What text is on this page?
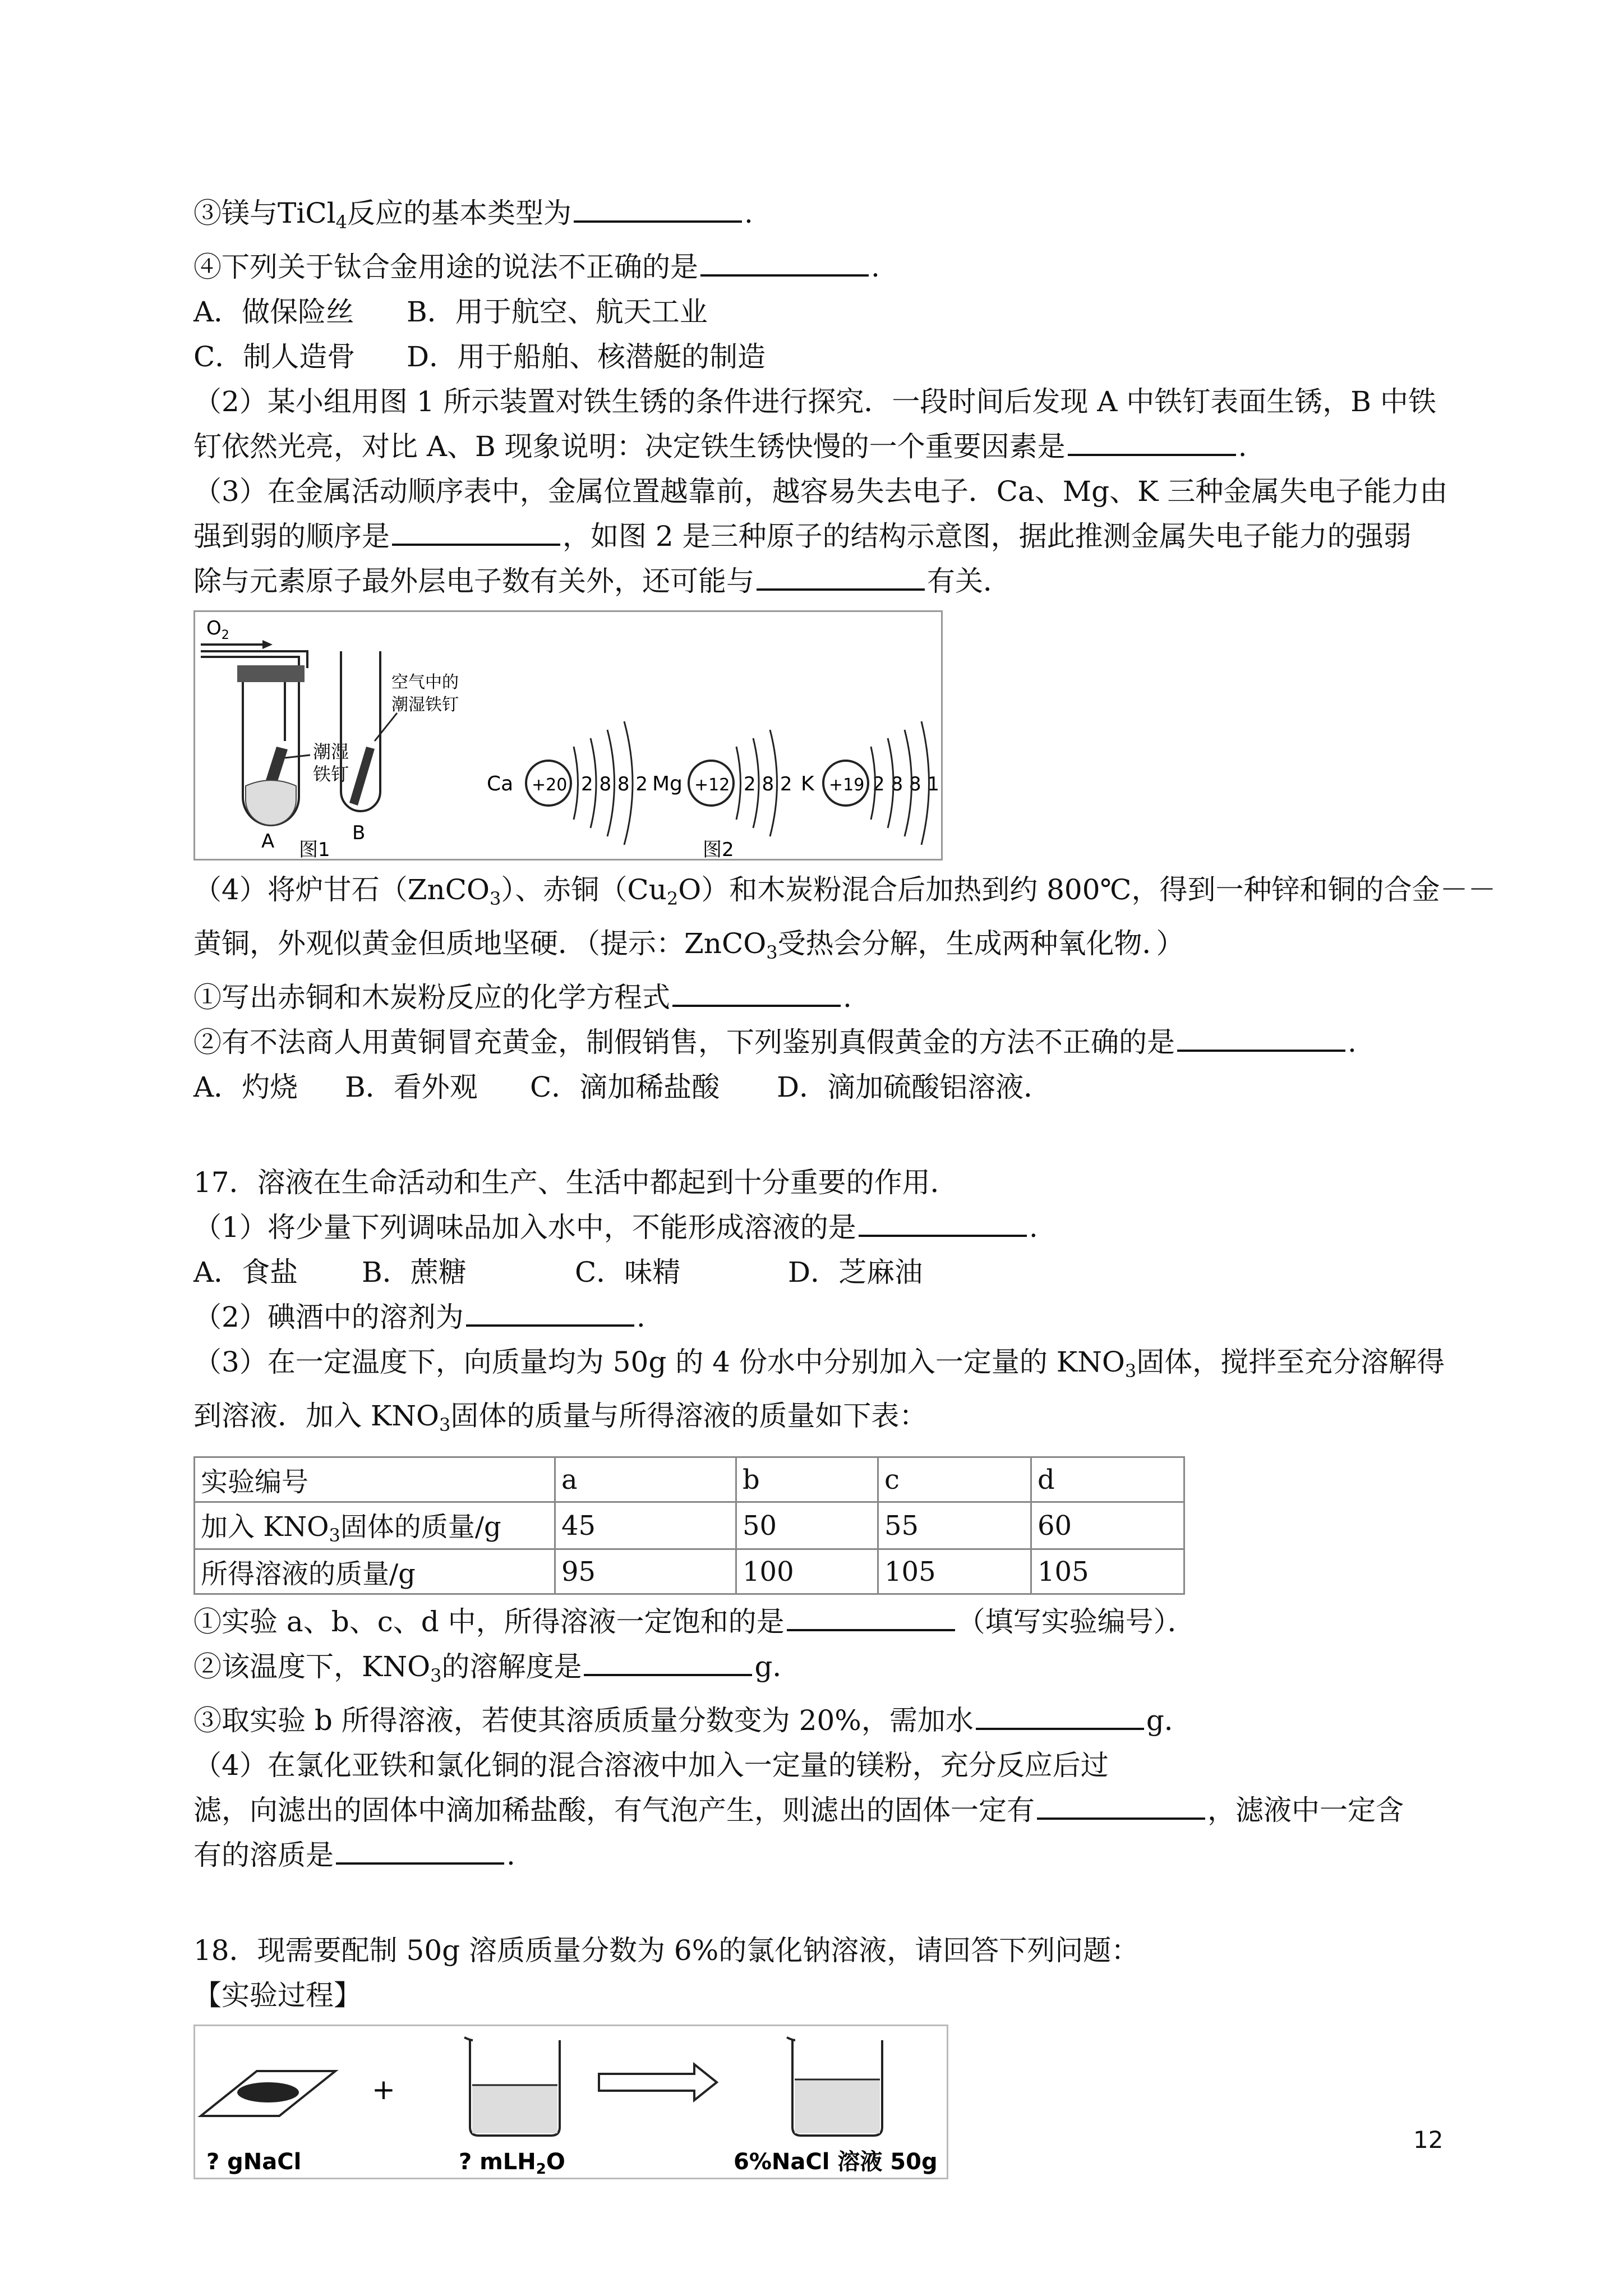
③镁与TiCl$_4$反应的基本类型为	.
④下列关于钛合金用途的说法不正确的是	.
A．做保险丝 B．用于航空、航天工业
C．制人造骨 D．用于船舶、核潜艇的制造
（2）某小组用图 1 所示装置对铁生锈的条件进行探究．一段时间后发现 A 中铁钉表面生锈，B 中铁
钉依然光亮，对比 A、B 现象说明：决定铁生锈快慢的一个重要因素是	.
（3）在金属活动顺序表中，金属位置越靠前，越容易失去电子．Ca、Mg、K 三种金属失电子能力由
强到弱的顺序是	，如图 2 是三种原子的结构示意图，据此推测金属失电子能力的强弱
除与元素原子最外层电子数有关外，还可能与	有关．
$O_2$
潮湿
铁钉
A
空气中的
潮湿铁钉
B
图1
Ca +20 2 8 8 2 Mg +12 2 8 2 K +19 2 8 8 1
图2
（4）将炉甘石（ZnCO$_3$）、赤铜$(Cu_2O)$和木炭粉混合后加热到约 800℃，得到一种锌和铜的合金－－
黄铜，外观似黄金但质地坚硬．（提示：ZnCO$_3$受热会分解，生成两种氧化物．）
①写出赤铜和木炭粉反应的化学方程式	.
②有不法商人用黄铜冒充黄金，制假销售，下列鉴别真假黄金的方法不正确的是	.
A．灼烧 B．看外观 C．滴加稀盐酸 D．滴加硫酸铝溶液．
17．溶液在生命活动和生产、生活中都起到十分重要的作用．
（1）将少量下列调味品加入水中，不能形成溶液的是	.
A．食盐 B．蔗糖	C．味精	D．芝麻油
（2）碘酒中的溶剂为	.
（3）在一定温度下，向质量均为 50g 的 4 份水中分别加入一定量的 $KNO_3$固体，搅拌至充分溶解得
到溶液．加入 $KNO_3$固体的质量与所得溶液的质量如下表：
实验编号	a	b	c	d
加入 $KNO_3$固体的质量/g	45	50	55	60
所得溶液的质量/g	95	100	105	105
①实验 a、b、c、d 中，所得溶液一定饱和的是	（填写实验编号）．
②该温度下，$KNO_3$的溶解度是	g．
③取实验 b 所得溶液，若使其溶质质量分数变为 20%，需加水	g．
（4）在氯化亚铁和氯化铜的混合溶液中加入一定量的镁粉，充分反应后过
滤，向滤出的固体中滴加稀盐酸，有气泡产生，则滤出的固体一定有	，滤液中一定含
有的溶质是	.
18．现需要配制 50g 溶质质量分数为 6%的氯化钠溶液，请回答下列问题：
【实验过程】
+
? gNaCl	? mLH$_2$O	6%NaCl 溶液 50g
12
